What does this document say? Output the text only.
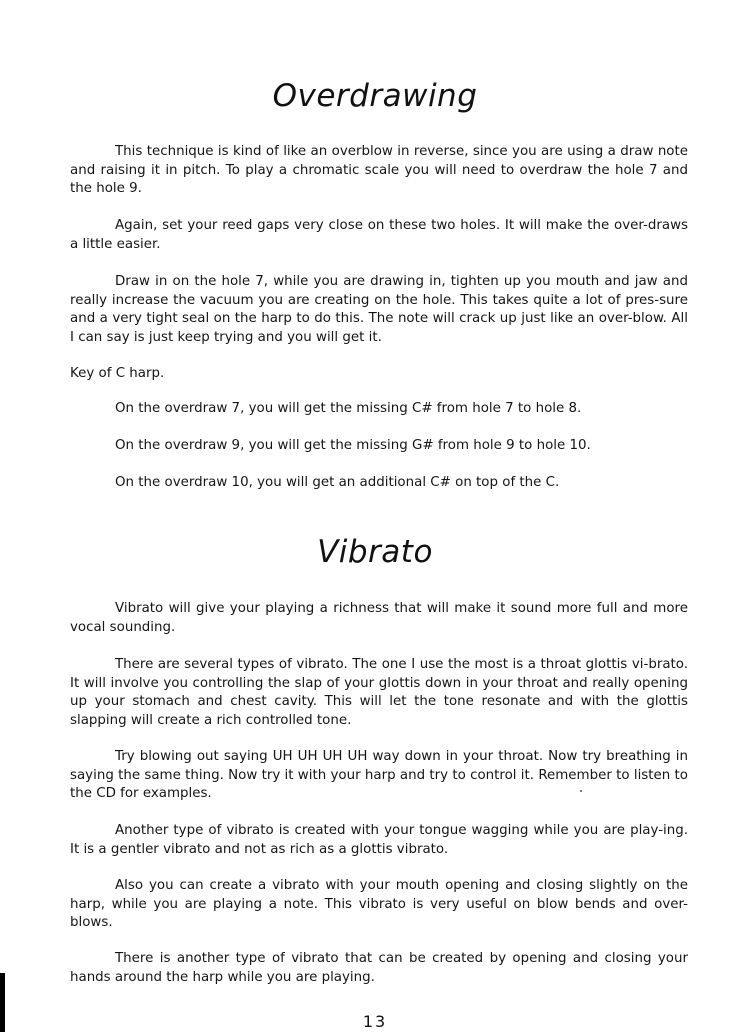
Overdrawing
This technique is kind of like an overblow in reverse, since you are using a draw note and raising it in pitch. To play a chromatic scale you will need to overdraw the hole 7 and the hole 9.
Again, set your reed gaps very close on these two holes. It will make the over-draws a little easier.
Draw in on the hole 7, while you are drawing in, tighten up you mouth and jaw and really increase the vacuum you are creating on the hole. This takes quite a lot of pres-sure and a very tight seal on the harp to do this. The note will crack up just like an over-blow. All I can say is just keep trying and you will get it.
Key of C harp.
On the overdraw 7, you will get the missing C# from hole 7 to hole 8.
On the overdraw 9, you will get the missing G# from hole 9 to hole 10.
On the overdraw 10, you will get an additional C# on top of the C.
Vibrato
Vibrato will give your playing a richness that will make it sound more full and more vocal sounding.
There are several types of vibrato. The one I use the most is a throat glottis vi-brato. It will involve you controlling the slap of your glottis down in your throat and really opening up your stomach and chest cavity. This will let the tone resonate and with the glottis slapping will create a rich controlled tone.
Try blowing out saying UH UH UH UH way down in your throat. Now try breathing in saying the same thing. Now try it with your harp and try to control it. Remember to listen to the CD for examples.
Another type of vibrato is created with your tongue wagging while you are play-ing. It is a gentler vibrato and not as rich as a glottis vibrato.
Also you can create a vibrato with your mouth opening and closing slightly on the harp, while you are playing a note. This vibrato is very useful on blow bends and over-blows.
There is another type of vibrato that can be created by opening and closing your hands around the harp while you are playing.
13
